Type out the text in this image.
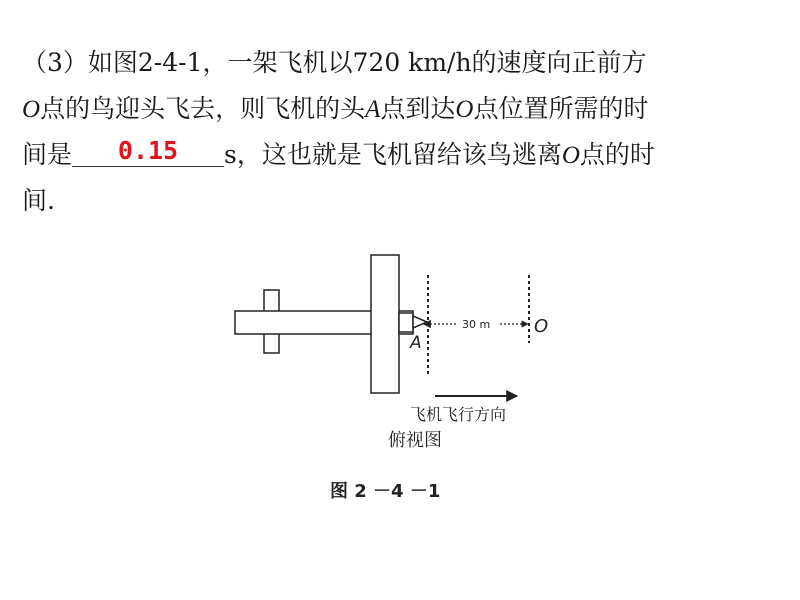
（3）如图2-4-1，一架飞机以720 km/h的速度向正前方
O点的鸟迎头飞去，则飞机的头A点到达O点位置所需的时
间是 0.15 s，这也就是飞机留给该鸟逃离O点的时
间.
A
O
30 m
飞机飞行方向
俯视图
图 2 －4 －1
